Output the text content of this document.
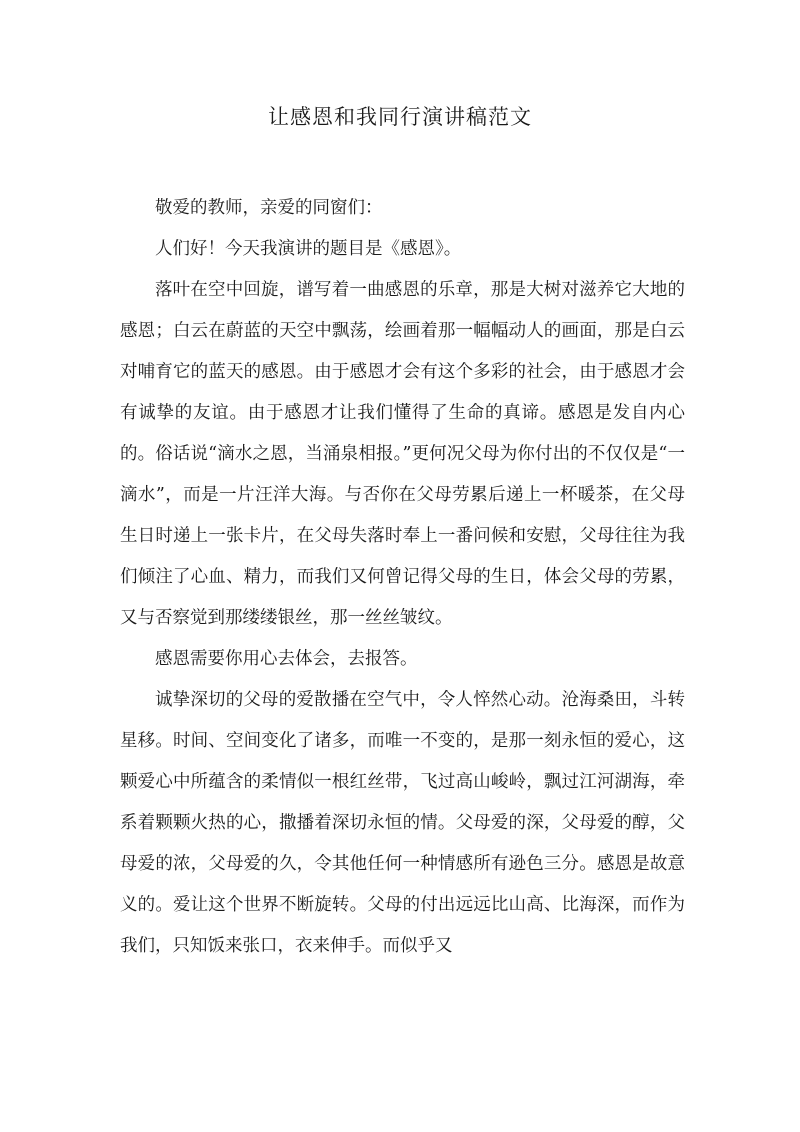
让感恩和我同行演讲稿范文

敬爱的教师，亲爱的同窗们：

人们好！今天我演讲的题目是《感恩》。

落叶在空中回旋，谱写着一曲感恩的乐章，那是大树对滋养它大地的感恩；白云在蔚蓝的天空中飘荡，绘画着那一幅幅动人的画面，那是白云对哺育它的蓝天的感恩。由于感恩才会有这个多彩的社会，由于感恩才会有诚挚的友谊。由于感恩才让我们懂得了生命的真谛。感恩是发自内心的。俗话说“滴水之恩，当涌泉相报。”更何况父母为你付出的不仅仅是“一滴水”，而是一片汪洋大海。与否你在父母劳累后递上一杯暖茶，在父母生日时递上一张卡片，在父母失落时奉上一番问候和安慰，父母往往为我们倾注了心血、精力，而我们又何曾记得父母的生日，体会父母的劳累，又与否察觉到那缕缕银丝，那一丝丝皱纹。

感恩需要你用心去体会，去报答。

诚挚深切的父母的爱散播在空气中，令人悴然心动。沧海桑田，斗转星移。时间、空间变化了诸多，而唯一不变的，是那一刻永恒的爱心，这颗爱心中所蕴含的柔情似一根红丝带，飞过高山峻岭，飘过江河湖海，牵系着颗颗火热的心，撒播着深切永恒的情。父母爱的深，父母爱的醇，父母爱的浓，父母爱的久，令其他任何一种情感所有逊色三分。感恩是故意义的。爱让这个世界不断旋转。父母的付出远远比山高、比海深，而作为我们，只知饭来张口，衣来伸手。而似乎又
